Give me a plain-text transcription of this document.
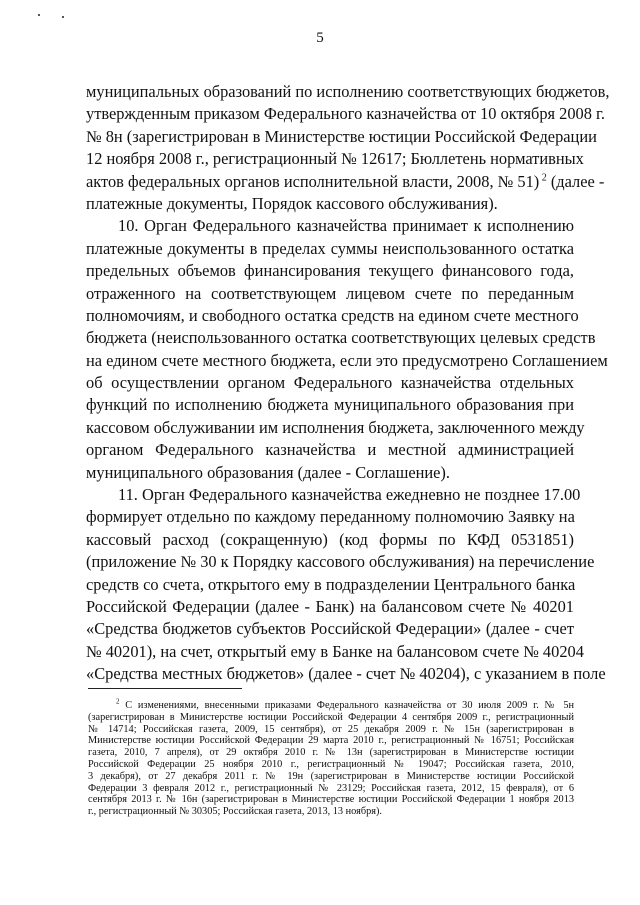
5
муниципальных образований по исполнению соответствующих бюджетов,
утвержденным приказом Федерального казначейства от 10 октября 2008 г.
№ 8н (зарегистрирован в Министерстве юстиции Российской Федерации
12 ноября 2008 г., регистрационный № 12617; Бюллетень нормативных
актов федеральных органов исполнительной власти, 2008, № 51) $^2$ (далее -
платежные документы, Порядок кассового обслуживания).
10. Орган Федерального казначейства принимает к исполнению
платежные документы в пределах суммы неиспользованного остатка
предельных объемов финансирования текущего финансового года,
отраженного на соответствующем лицевом счете по переданным
полномочиям, и свободного остатка средств на едином счете местного
бюджета (неиспользованного остатка соответствующих целевых средств
на едином счете местного бюджета, если это предусмотрено Соглашением
об осуществлении органом Федерального казначейства отдельных
функций по исполнению бюджета муниципального образования при
кассовом обслуживании им исполнения бюджета, заключенного между
органом Федерального казначейства и местной администрацией
муниципального образования (далее - Соглашение).
11. Орган Федерального казначейства ежедневно не позднее 17.00
формирует отдельно по каждому переданному полномочию Заявку на
кассовый расход (сокращенную) (код формы по КФД 0531851)
(приложение № 30 к Порядку кассового обслуживания) на перечисление
средств со счета, открытого ему в подразделении Центрального банка
Российской Федерации (далее - Банк) на балансовом счете № 40201
«Средства бюджетов субъектов Российской Федерации» (далее - счет
№ 40201), на счет, открытый ему в Банке на балансовом счете № 40204
«Средства местных бюджетов» (далее - счет № 40204), с указанием в поле
$^2$ С изменениями, внесенными приказами Федерального казначейства от 30 июля 2009 г. № 5н
(зарегистрирован в Министерстве юстиции Российской Федерации 4 сентября 2009 г., регистрационный
№ 14714; Российская газета, 2009, 15 сентября), от 25 декабря 2009 г. № 15н (зарегистрирован в
Министерстве юстиции Российской Федерации 29 марта 2010 г., регистрационный № 16751; Российская
газета, 2010, 7 апреля), от 29 октября 2010 г. № 13н (зарегистрирован в Министерстве юстиции
Российской Федерации 25 ноября 2010 г., регистрационный № 19047; Российская газета, 2010,
3 декабря), от 27 декабря 2011 г. № 19н (зарегистрирован в Министерстве юстиции Российской
Федерации 3 февраля 2012 г., регистрационный № 23129; Российская газета, 2012, 15 февраля), от 6
сентября 2013 г. № 16н (зарегистрирован в Министерстве юстиции Российской Федерации 1 ноября 2013
г., регистрационный № 30305; Российская газета, 2013, 13 ноября).
